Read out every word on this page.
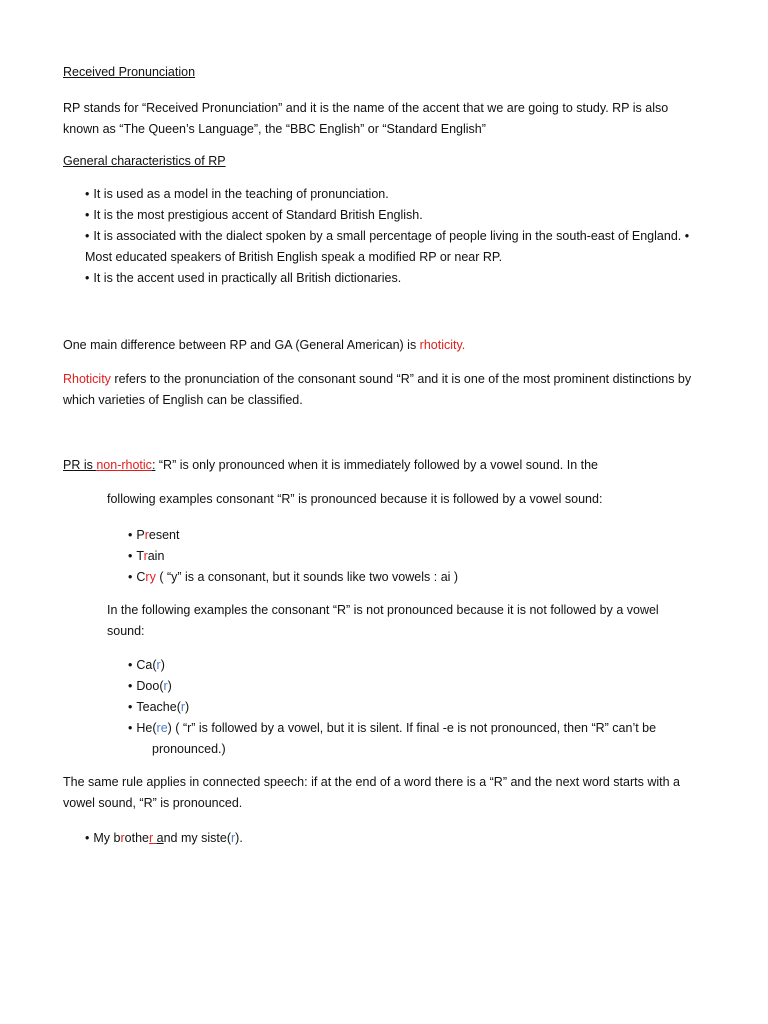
Received Pronunciation

RP stands for “Received Pronunciation” and it is the name of the accent that we are going to study. RP is also
known as “The Queen’s Language”, the “BBC English” or “Standard English”

General characteristics of RP

• It is used as a model in the teaching of pronunciation.
• It is the most prestigious accent of Standard British English.
• It is associated with the dialect spoken by a small percentage of people living in the south-east of England. •
Most educated speakers of British English speak a modified RP or near RP.
• It is the accent used in practically all British dictionaries.

One main difference between RP and GA (General American) is rhoticity.

Rhoticity refers to the pronunciation of the consonant sound “R” and it is one of the most prominent distinctions by
which varieties of English can be classified.

PR is non-rhotic: “R” is only pronounced when it is immediately followed by a vowel sound. In the

following examples consonant “R” is pronounced because it is followed by a vowel sound:

• Present
• Train
• Cry ( “y” is a consonant, but it sounds like two vowels : ai )

In the following examples the consonant “R” is not pronounced because it is not followed by a vowel
sound:

• Ca(r)
• Doo(r)
• Teache(r)
• He(re) ( “r” is followed by a vowel, but it is silent. If final -e is not pronounced, then “R” can’t be
pronounced.)

The same rule applies in connected speech: if at the end of a word there is a “R” and the next word starts with a
vowel sound, “R” is pronounced.

• My brother and my siste(r).
